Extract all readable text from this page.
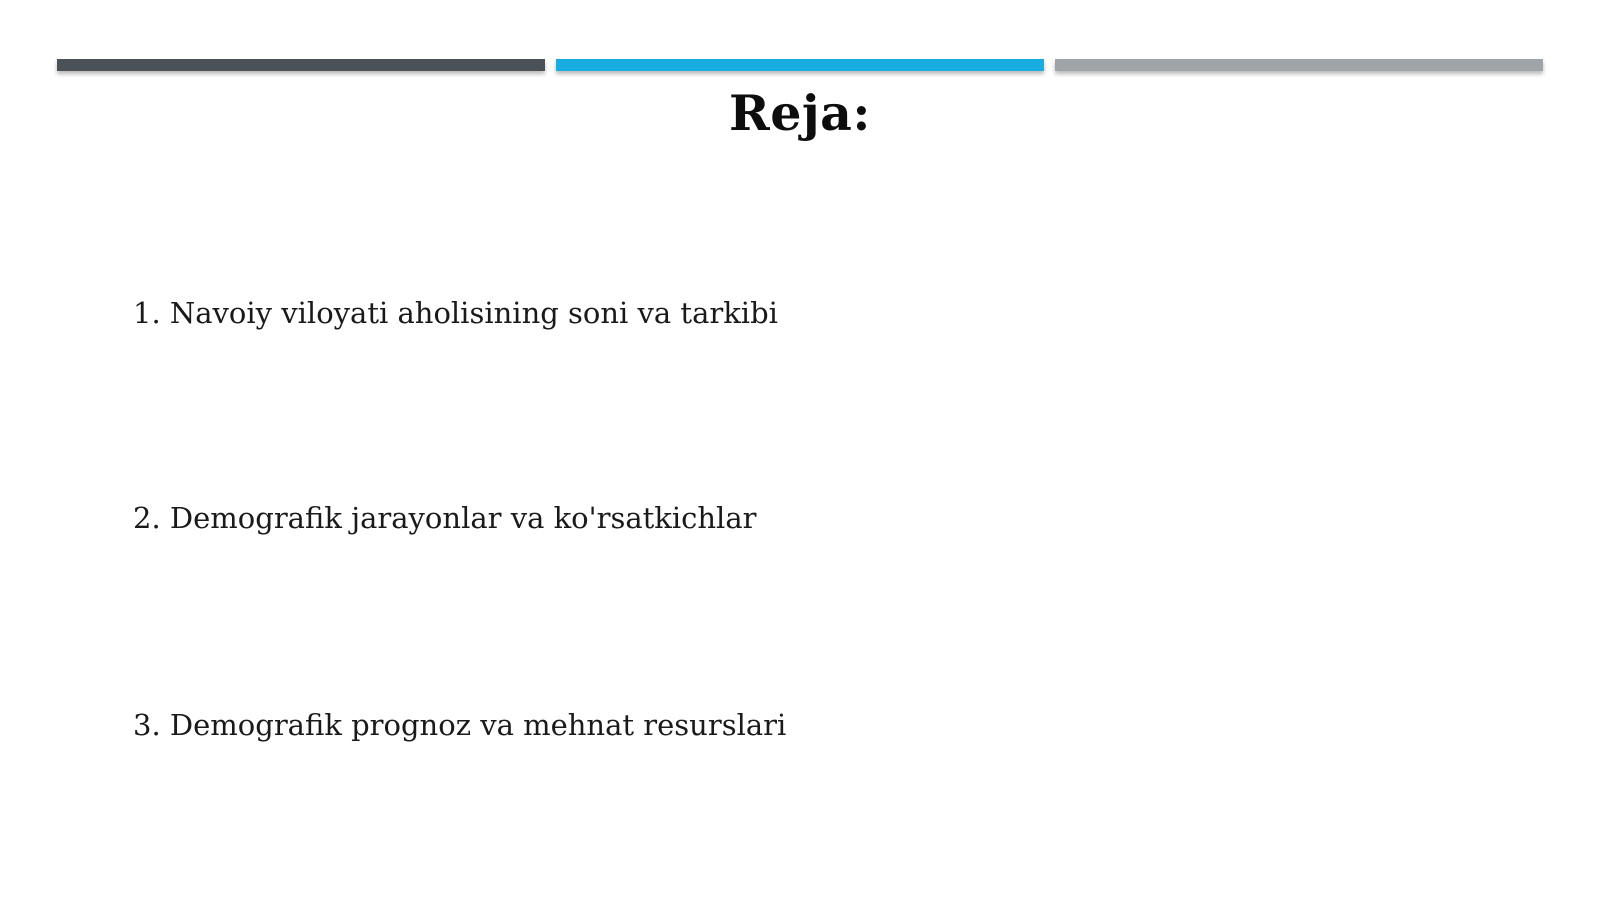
Reja:
1. Navoiy viloyati aholisining soni va tarkibi
2. Demografik jarayonlar va ko'rsatkichlar
3. Demografik prognoz va mehnat resurslari
